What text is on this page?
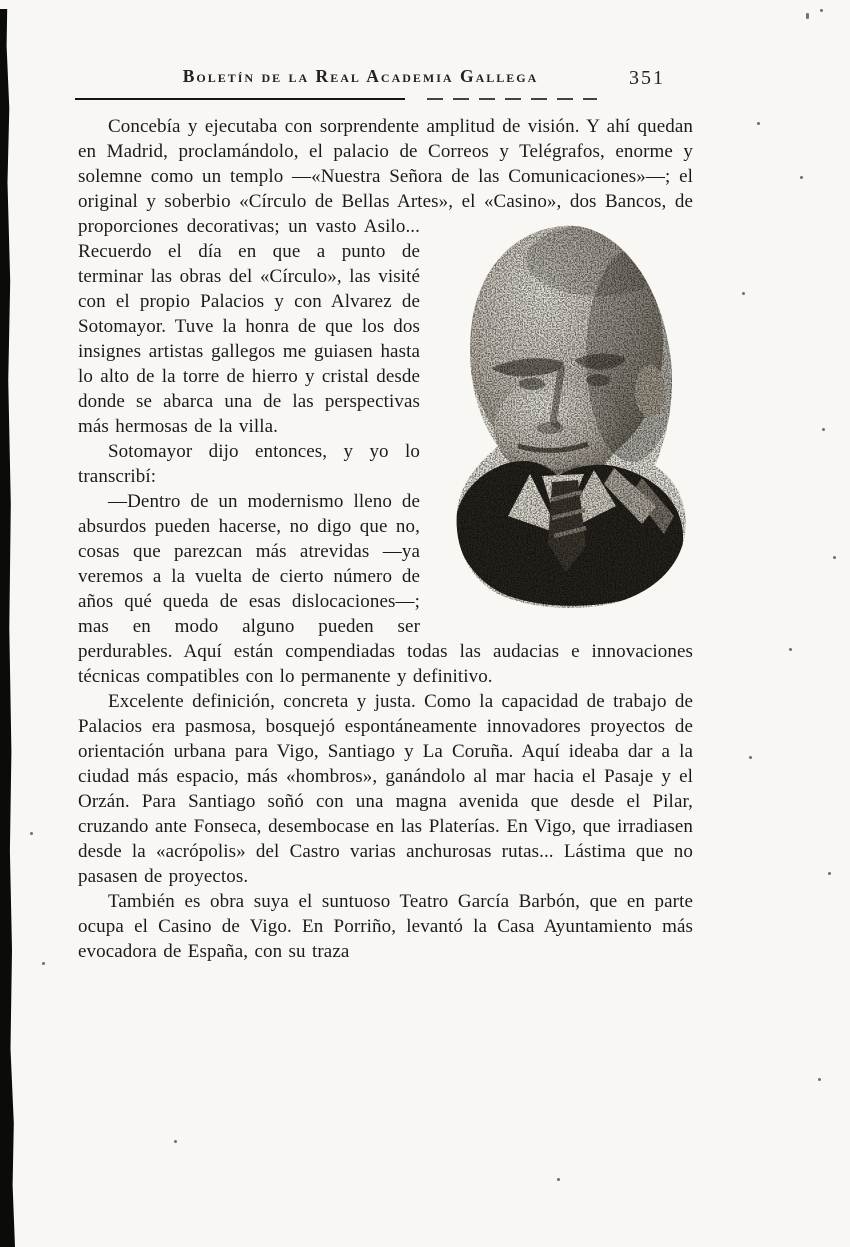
Boletín de la Real Academia Gallega	351

Concebía y ejecutaba con sorprendente amplitud de visión. Y ahí quedan en Madrid, proclamándolo, el palacio de Correos y Telégrafos, enorme y solemne como un templo —«Nuestra Señora de las Comunicaciones»—; el original y soberbio «Círculo de Bellas Artes», el «Casino», dos Bancos, de proporciones decorativas; un vasto Asilo... Recuerdo el día en que a punto de terminar las obras del «Círculo», las visité con el propio Palacios y con Alvarez de Sotomayor. Tuve la honra de que los dos insignes artistas gallegos me guiasen hasta lo alto de la torre de hierro y cristal desde donde se abarca una de las perspectivas más hermosas de la villa.

Sotomayor dijo entonces, y yo lo transcribí:

—Dentro de un modernismo lleno de absurdos pueden hacerse, no digo que no, cosas que parezcan más atrevidas —ya veremos a la vuelta de cierto número de años qué queda de esas dislocaciones—; mas en modo alguno pueden ser perdurables. Aquí están compendiadas todas las audacias e innovaciones técnicas compatibles con lo permanente y definitivo.

Excelente definición, concreta y justa. Como la capacidad de trabajo de Palacios era pasmosa, bosquejó espontáneamente innovadores proyectos de orientación urbana para Vigo, Santiago y La Coruña. Aquí ideaba dar a la ciudad más espacio, más «hombros», ganándolo al mar hacia el Pasaje y el Orzán. Para Santiago soñó con una magna avenida que desde el Pilar, cruzando ante Fonseca, desembocase en las Platerías. En Vigo, que irradiasen desde la «acrópolis» del Castro varias anchurosas rutas... Lástima que no pasasen de proyectos.

También es obra suya el suntuoso Teatro García Barbón, que en parte ocupa el Casino de Vigo. En Porriño, levantó la Casa Ayuntamiento más evocadora de España, con su traza
